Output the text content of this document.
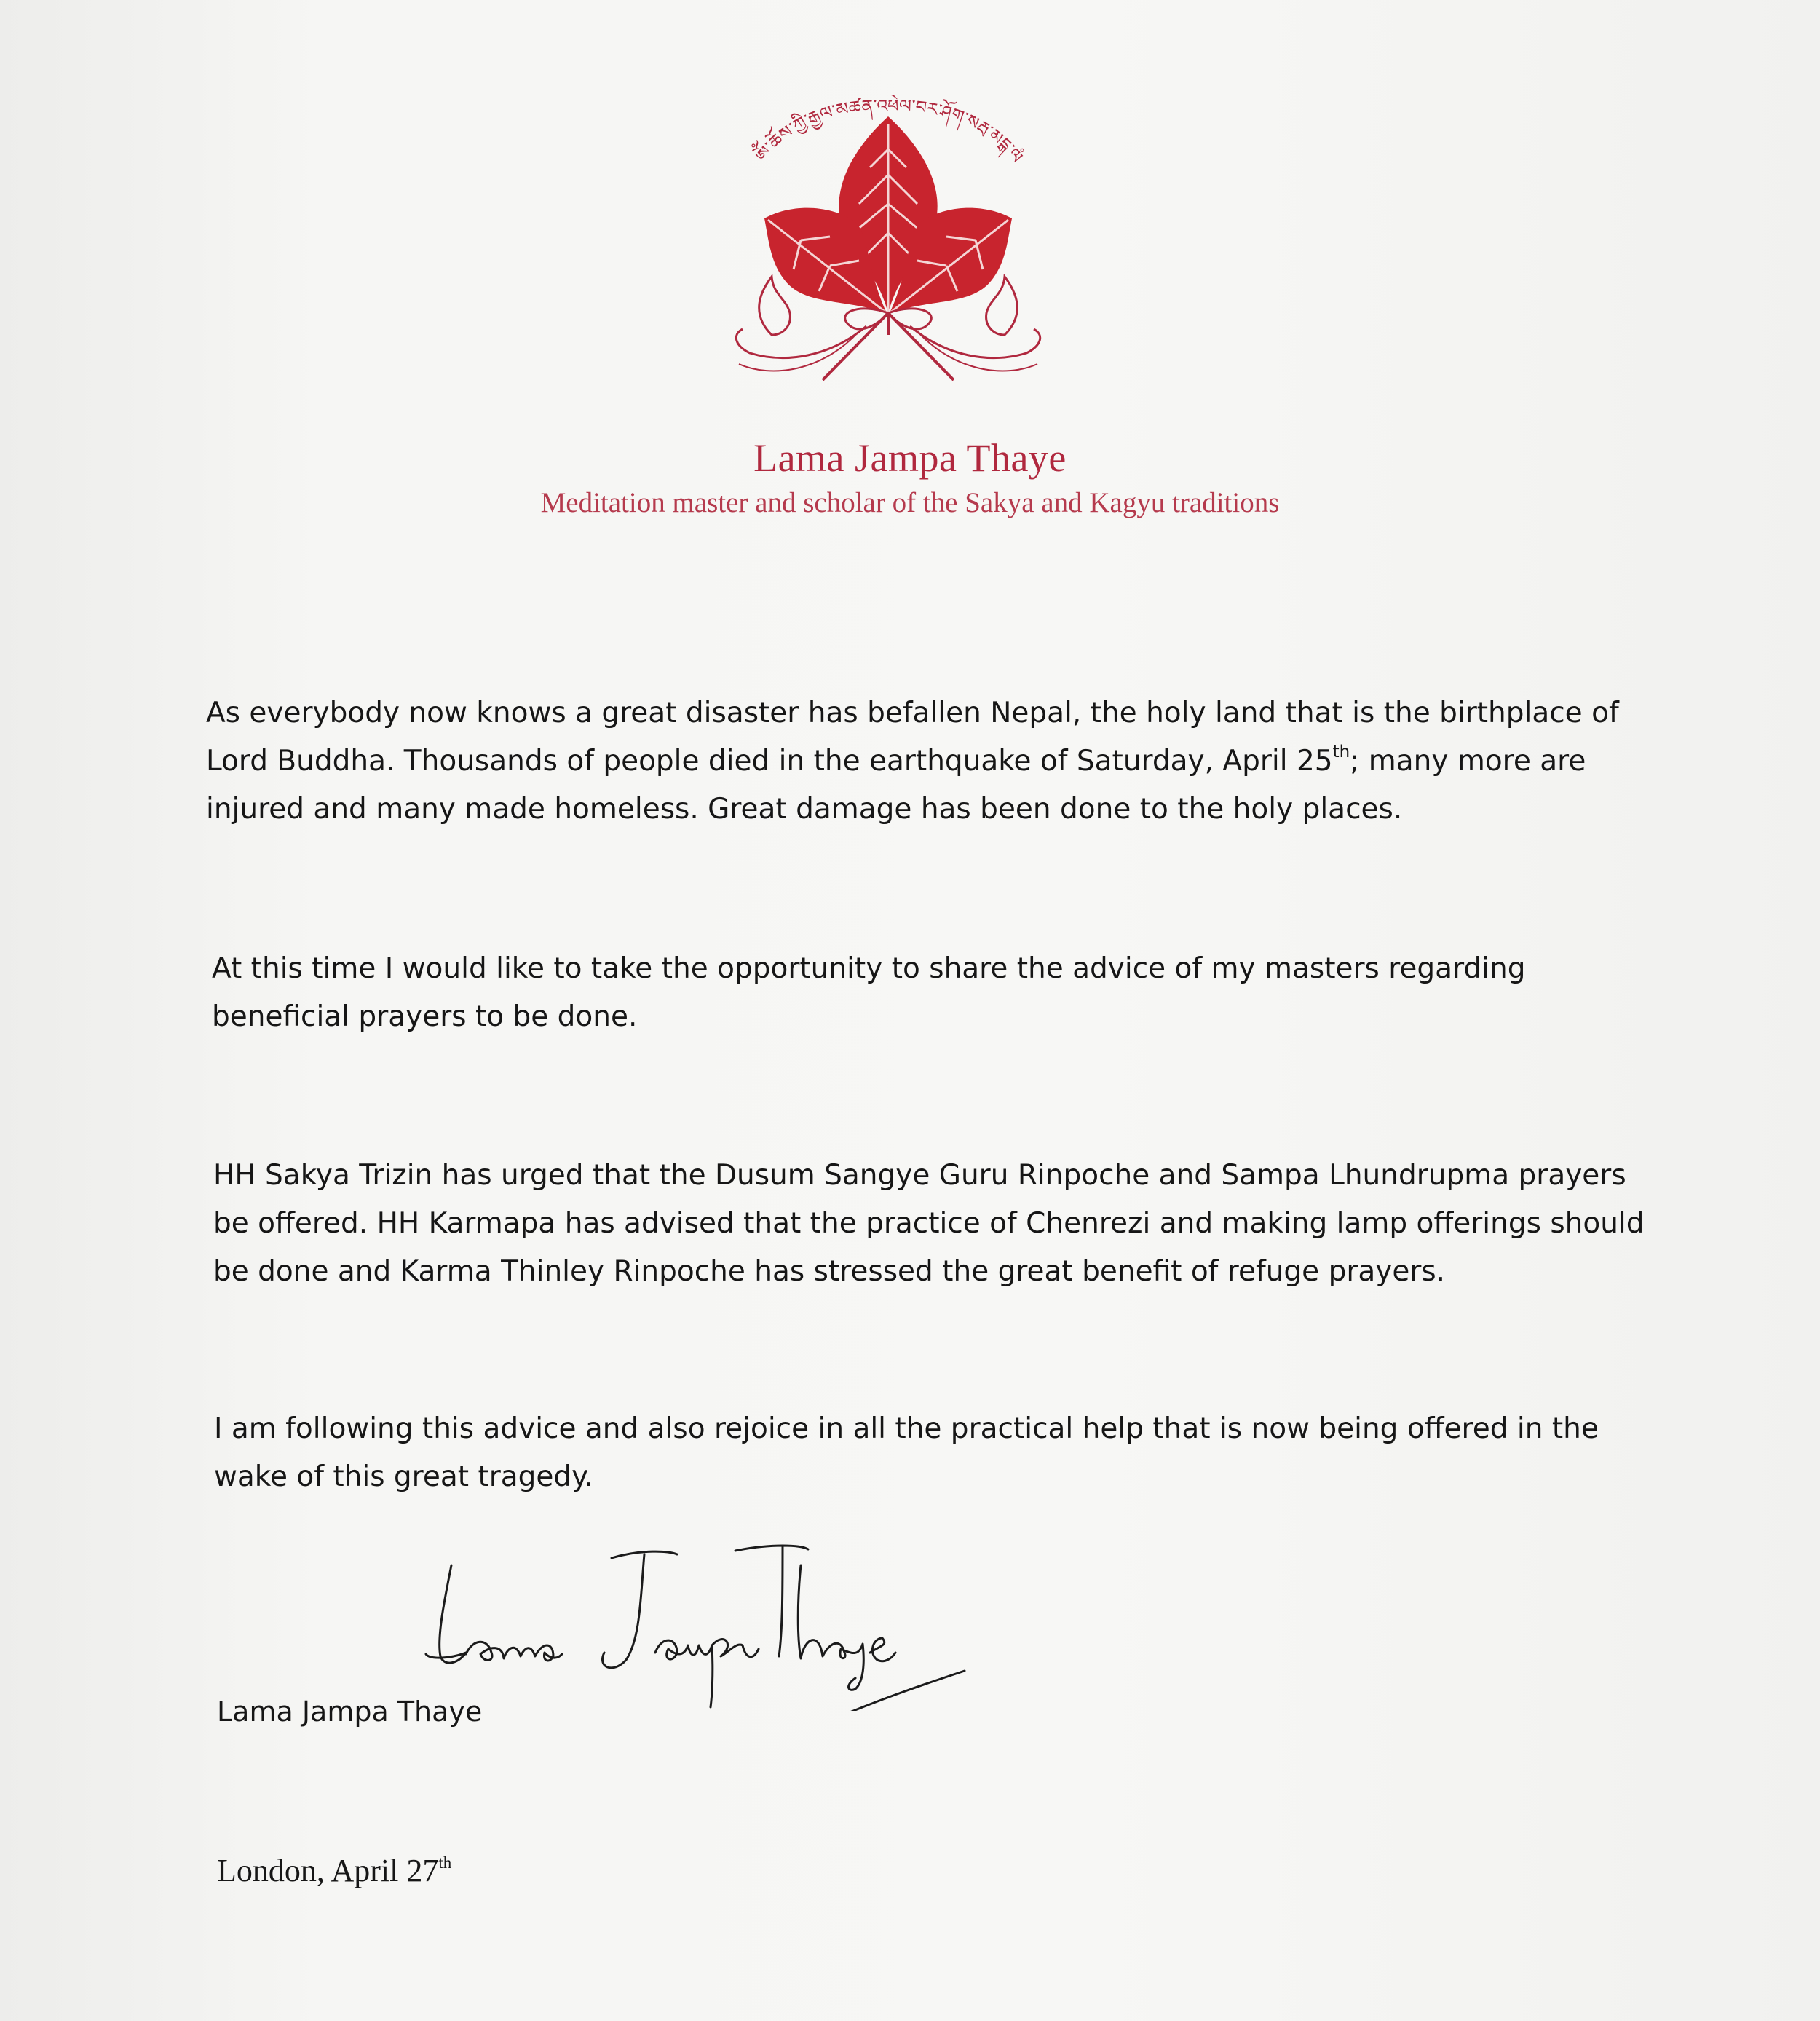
ༀ་ཆོས་ཀྱི་རྒྱལ་མཚན་འཕེལ་བར་ཤོག་སརྦ་མངྒ་ལཾ
Lama Jampa Thaye
Meditation master and scholar of the Sakya and Kagyu traditions
As everybody now knows a great disaster has befallen Nepal, the holy land that is the birthplace of
Lord Buddha. Thousands of people died in the earthquake of Saturday, April 25th; many more are
injured and many made homeless. Great damage has been done to the holy places.
At this time I would like to take the opportunity to share the advice of my masters regarding
beneficial prayers to be done.
HH Sakya Trizin has urged that the Dusum Sangye Guru Rinpoche and Sampa Lhundrupma prayers
be offered. HH Karmapa has advised that the practice of Chenrezi and making lamp offerings should
be done and Karma Thinley Rinpoche has stressed the great benefit of refuge prayers.
I am following this advice and also rejoice in all the practical help that is now being offered in the
wake of this great tragedy.
Lama Jampa Thaye
London, April 27th
